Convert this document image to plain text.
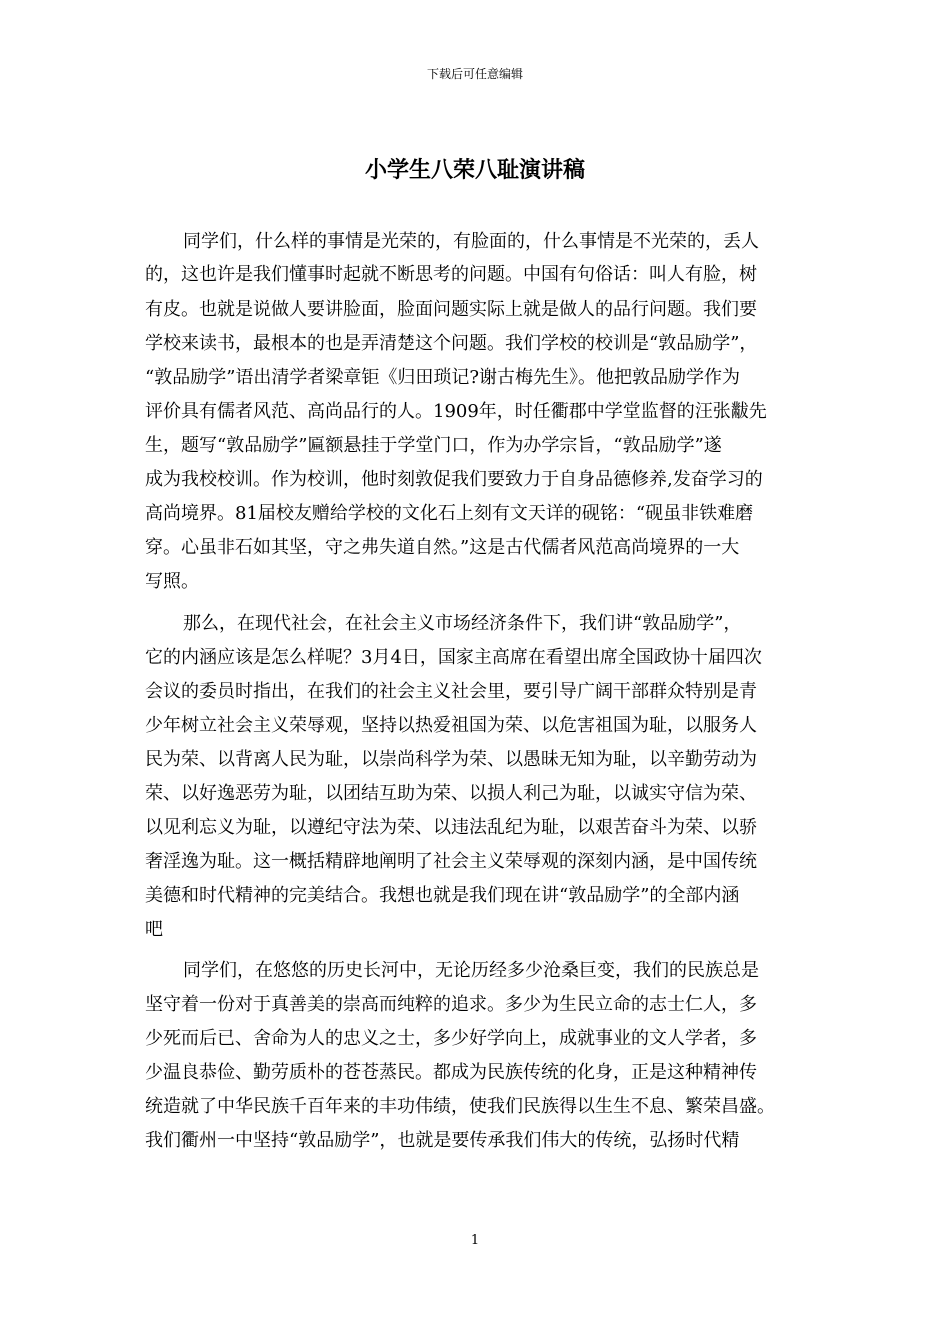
下载后可任意编辑
小学生八荣八耻演讲稿
同学们，什么样的事情是光荣的，有脸面的，什么事情是不光荣的，丢人
的，这也许是我们懂事时起就不断思考的问题。中国有句俗话：叫人有脸，树
有皮。也就是说做人要讲脸面，脸面问题实际上就是做人的品行问题。我们要
学校来读书，最根本的也是弄清楚这个问题。我们学校的校训是“敦品励学”，
“敦品励学”语出清学者梁章钜《归田琐记?谢古梅先生》。他把敦品励学作为
评价具有儒者风范、高尚品行的人。1909年，时任衢郡中学堂监督的汪张黻先
生，题写“敦品励学”匾额悬挂于学堂门口，作为办学宗旨，“敦品励学”遂
成为我校校训。作为校训，他时刻敦促我们要致力于自身品德修养,发奋学习的
高尚境界。81届校友赠给学校的文化石上刻有文天详的砚铭：“砚虽非铁难磨
穿。心虽非石如其坚，守之弗失道自然。”这是古代儒者风范高尚境界的一大
写照。
那么，在现代社会，在社会主义市场经济条件下，我们讲“敦品励学”，
它的内涵应该是怎么样呢？3月4日，国家主高席在看望出席全国政协十届四次
会议的委员时指出，在我们的社会主义社会里，要引导广阔干部群众特别是青
少年树立社会主义荣辱观，坚持以热爱祖国为荣、以危害祖国为耻，以服务人
民为荣、以背离人民为耻，以崇尚科学为荣、以愚昧无知为耻，以辛勤劳动为
荣、以好逸恶劳为耻，以团结互助为荣、以损人利己为耻，以诚实守信为荣、
以见利忘义为耻，以遵纪守法为荣、以违法乱纪为耻，以艰苦奋斗为荣、以骄
奢淫逸为耻。这一概括精辟地阐明了社会主义荣辱观的深刻内涵，是中国传统
美德和时代精神的完美结合。我想也就是我们现在讲“敦品励学”的全部内涵
吧
同学们，在悠悠的历史长河中，无论历经多少沧桑巨变，我们的民族总是
坚守着一份对于真善美的崇高而纯粹的追求。多少为生民立命的志士仁人，多
少死而后已、舍命为人的忠义之士，多少好学向上，成就事业的文人学者，多
少温良恭俭、勤劳质朴的苍苍蒸民。都成为民族传统的化身，正是这种精神传
统造就了中华民族千百年来的丰功伟绩，使我们民族得以生生不息、繁荣昌盛。
我们衢州一中坚持“敦品励学”，也就是要传承我们伟大的传统，弘扬时代精
1
